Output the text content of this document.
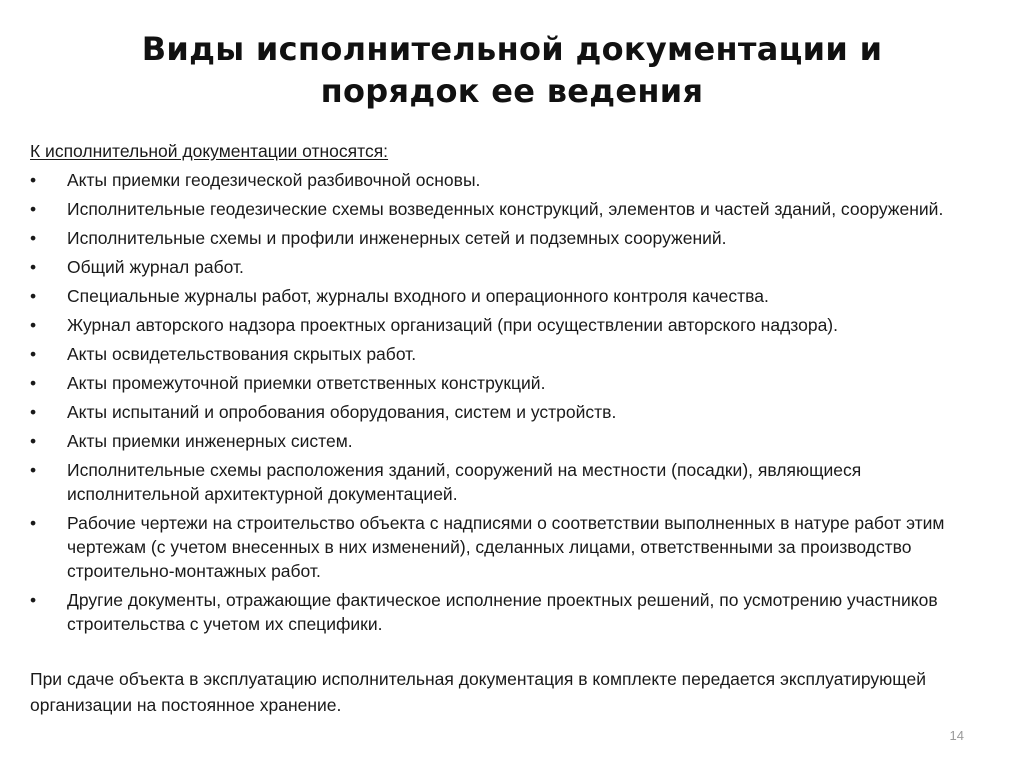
Виды исполнительной документации и
порядок ее ведения

К исполнительной документации относятся:

• Акты приемки геодезической разбивочной основы.
• Исполнительные геодезические схемы возведенных конструкций, элементов и частей зданий, сооружений.
• Исполнительные схемы и профили инженерных сетей и подземных сооружений.
• Общий журнал работ.
• Специальные журналы работ, журналы входного и операционного контроля качества.
• Журнал авторского надзора проектных организаций (при осуществлении авторского надзора).
• Акты освидетельствования скрытых работ.
• Акты промежуточной приемки ответственных конструкций.
• Акты испытаний и опробования оборудования, систем и устройств.
• Акты приемки инженерных систем.
• Исполнительные схемы расположения зданий, сооружений на местности (посадки), являющиеся исполнительной архитектурной документацией.
• Рабочие чертежи на строительство объекта с надписями о соответствии выполненных в натуре работ этим чертежам (с учетом внесенных в них изменений), сделанных лицами, ответственными за производство строительно-монтажных работ.
• Другие документы, отражающие фактическое исполнение проектных решений, по усмотрению участников строительства с учетом их специфики.

При сдаче объекта в эксплуатацию исполнительная документация в комплекте передается эксплуатирующей организации на постоянное хранение.

14
